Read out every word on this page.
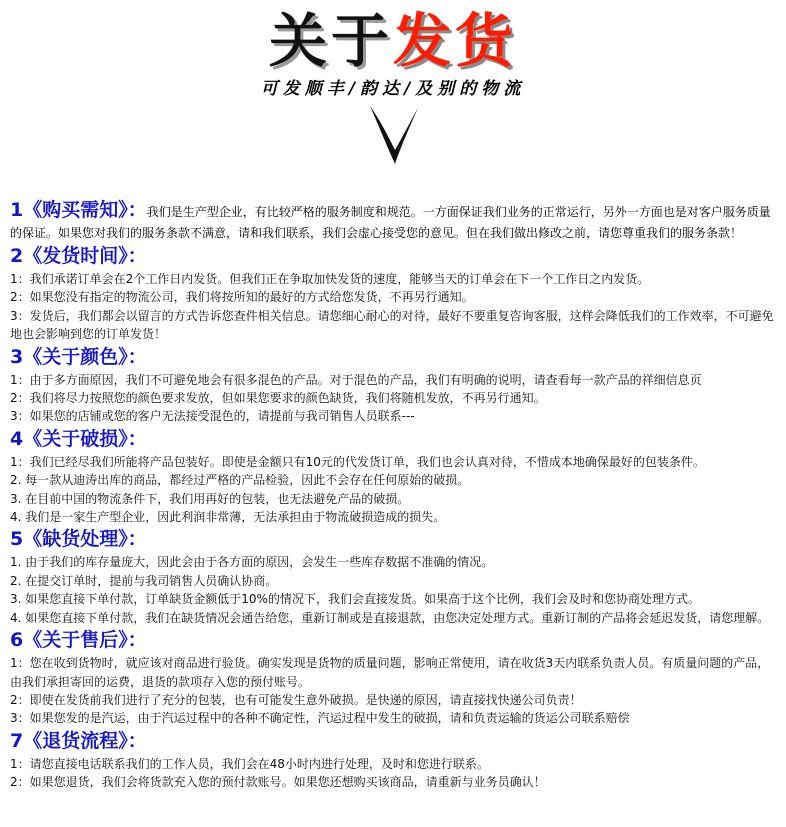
关于发货
可发顺丰/韵达/及别的物流
1《购买需知》：我们是生产型企业，有比较严格的服务制度和规范。一方面保证我们业务的正常运行，另外一方面也是对客户服务质量的保证。如果您对我们的服务条款不满意，请和我们联系，我们会虚心接受您的意见。但在我们做出修改之前，请您尊重我们的服务条款！
2《发货时间》：
1：我们承诺订单会在2个工作日内发货。但我们正在争取加快发货的速度，能够当天的订单会在下一个工作日之内发货。
2：如果您没有指定的物流公司，我们将按所知的最好的方式给您发货，不再另行通知。
3：发货后，我们都会以留言的方式告诉您查件相关信息。请您细心耐心的对待，最好不要重复咨询客服，这样会降低我们的工作效率，不可避免地也会影响到您的订单发货！
3《关于颜色》：
1：由于多方面原因，我们不可避免地会有很多混色的产品。对于混色的产品，我们有明确的说明，请查看每一款产品的祥细信息页
2：我们将尽力按照您的颜色要求发放，但如果您要求的颜色缺货，我们将随机发放，不再另行通知。
3：如果您的店铺或您的客户无法接受混色的，请提前与我司销售人员联系---
4《关于破损》：
1：我们已经尽我们所能将产品包装好。即使是金额只有10元的代发货订单，我们也会认真对待，不惜成本地确保最好的包装条件。
2. 每一款从迪涛出库的商品，都经过严格的产品检验，因此不会存在任何原始的破损。
3. 在目前中国的物流条件下，我们用再好的包装，也无法避免产品的破损。
4. 我们是一家生产型企业，因此利润非常薄，无法承担由于物流破损造成的损失。
5《缺货处理》：
1. 由于我们的库存量庞大，因此会由于各方面的原因，会发生一些库存数据不准确的情况。
2. 在提交订单时，提前与我司销售人员确认协商。
3. 如果您直接下单付款，订单缺货金额低于10%的情况下，我们会直接发货。如果高于这个比例，我们会及时和您协商处理方式。
4. 如果您直接下单付款，我们在缺货情况会通告给您，重新订制或是直接退款，由您决定处理方式。重新订制的产品将会延迟发货，请您理解。
6《关于售后》：
1：您在收到货物时，就应该对商品进行验货。确实发现是货物的质量问题，影响正常使用，请在收货3天内联系负责人员。有质量问题的产品，由我们承担寄回的运费，退货的款项存入您的预付账号。
2：即使在发货前我们进行了充分的包装，也有可能发生意外破损。是快递的原因，请直接找快递公司负责！
3：如果您发的是汽运，由于汽运过程中的各种不确定性，汽运过程中发生的破损，请和负责运输的货运公司联系赔偿
7《退货流程》：
1：请您直接电话联系我们的工作人员，我们会在48小时内进行处理，及时和您进行联系。
2：如果您退货，我们会将货款充入您的预付款账号。如果您还想购买该商品，请重新与业务员确认！
